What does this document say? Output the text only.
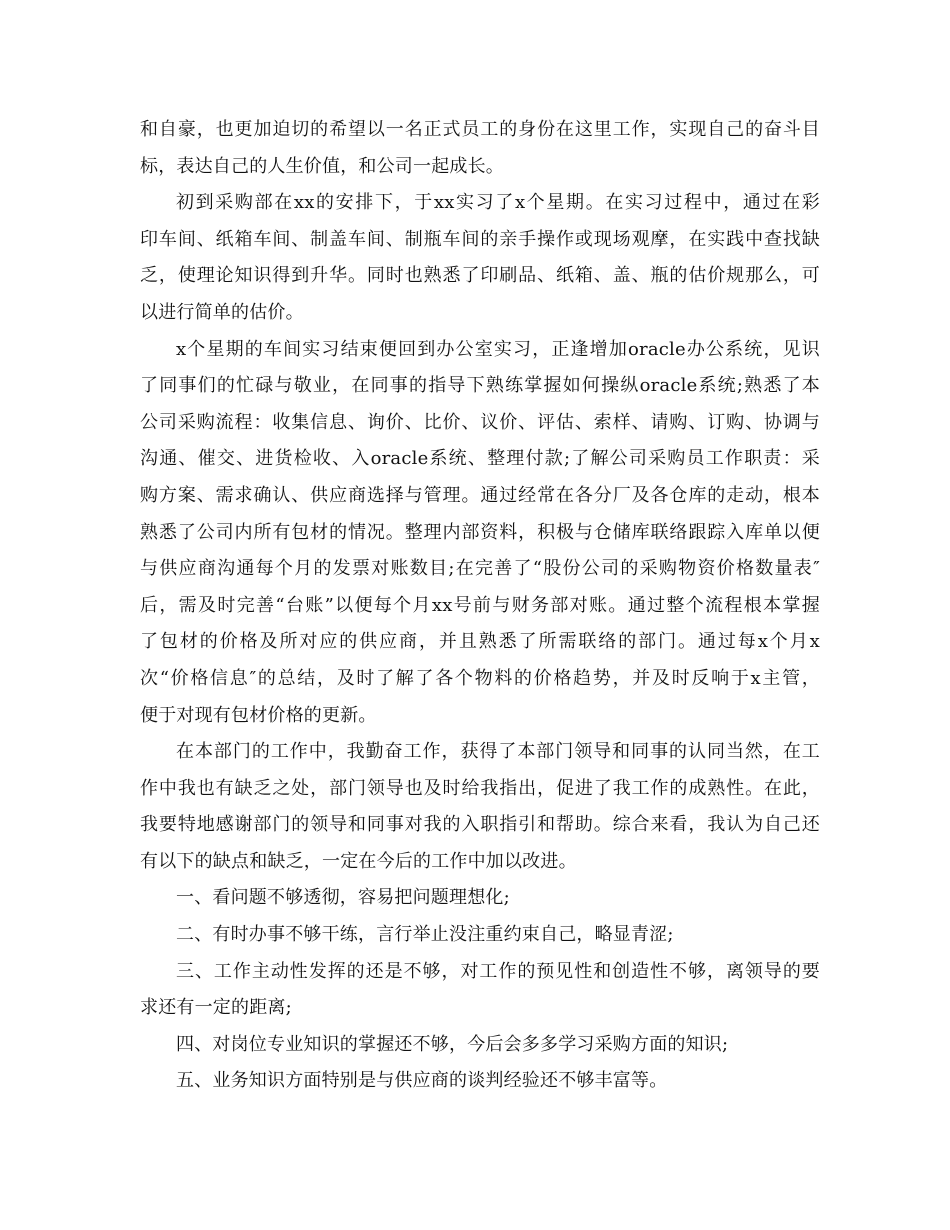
和自豪，也更加迫切的希望以一名正式员工的身份在这里工作，实现自己的奋斗目
标，表达自己的人生价值，和公司一起成长。
初到采购部在xx的安排下，于xx实习了x个星期。在实习过程中，通过在彩
印车间、纸箱车间、制盖车间、制瓶车间的亲手操作或现场观摩，在实践中查找缺
乏，使理论知识得到升华。同时也熟悉了印刷品、纸箱、盖、瓶的估价规那么，可
以进行简单的估价。
x个星期的车间实习结束便回到办公室实习，正逢增加oracle办公系统，见识
了同事们的忙碌与敬业，在同事的指导下熟练掌握如何操纵oracle系统;熟悉了本
公司采购流程：收集信息、询价、比价、议价、评估、索样、请购、订购、协调与
沟通、催交、进货检收、入oracle系统、整理付款;了解公司采购员工作职责：采
购方案、需求确认、供应商选择与管理。通过经常在各分厂及各仓库的走动，根本
熟悉了公司内所有包材的情况。整理内部资料，积极与仓储库联络跟踪入库单以便
与供应商沟通每个月的发票对账数目;在完善了“股份公司的采购物资价格数量表″
后，需及时完善“台账”以便每个月xx号前与财务部对账。通过整个流程根本掌握
了包材的价格及所对应的供应商，并且熟悉了所需联络的部门。通过每x个月x
次“价格信息″的总结，及时了解了各个物料的价格趋势，并及时反响于x主管，
便于对现有包材价格的更新。
在本部门的工作中，我勤奋工作，获得了本部门领导和同事的认同当然，在工
作中我也有缺乏之处，部门领导也及时给我指出，促进了我工作的成熟性。在此，
我要特地感谢部门的领导和同事对我的入职指引和帮助。综合来看，我认为自己还
有以下的缺点和缺乏，一定在今后的工作中加以改进。
一、看问题不够透彻，容易把问题理想化;
二、有时办事不够干练，言行举止没注重约束自己，略显青涩;
三、工作主动性发挥的还是不够，对工作的预见性和创造性不够，离领导的要
求还有一定的距离;
四、对岗位专业知识的掌握还不够，今后会多多学习采购方面的知识;
五、业务知识方面特别是与供应商的谈判经验还不够丰富等。
